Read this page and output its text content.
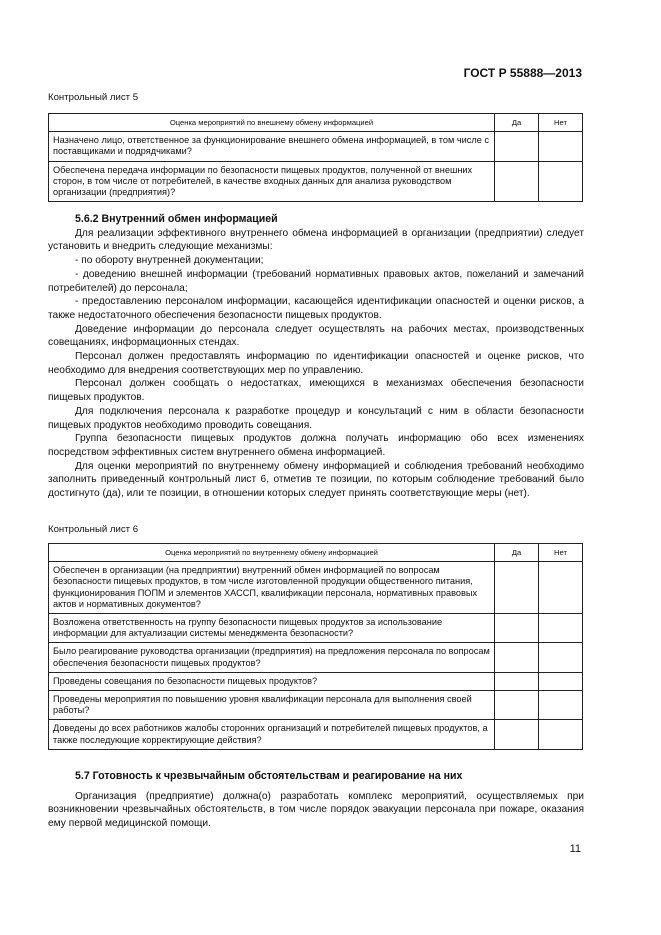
ГОСТ Р 55888—2013
Контрольный лист 5
Оценка мероприятий по внешнему обмену информацией	Да	Нет
Назначено лицо, ответственное за функционирование внешнего обмена информацией, в том числе с поставщиками и подрядчиками?		
Обеспечена передача информации по безопасности пищевых продуктов, полученной от внешних сторон, в том числе от потребителей, в качестве входных данных для анализа руководством организации (предприятия)?		

5.6.2 Внутренний обмен информацией

Для реализации эффективного внутреннего обмена информацией в организации (предприятии) следует установить и внедрить следующие механизмы:

- по обороту внутренней документации;

- доведению внешней информации (требований нормативных правовых актов, пожеланий и замечаний потребителей) до персонала;

- предоставлению персоналом информации, касающейся идентификации опасностей и оценки рисков, а также недостаточного обеспечения безопасности пищевых продуктов.

Доведение информации до персонала следует осуществлять на рабочих местах, производственных совещаниях, информационных стендах.

Персонал должен предоставлять информацию по идентификации опасностей и оценке рисков, что необходимо для внедрения соответствующих мер по управлению.

Персонал должен сообщать о недостатках, имеющихся в механизмах обеспечения безопасности пищевых продуктов.

Для подключения персонала к разработке процедур и консультаций с ним в области безопасности пищевых продуктов необходимо проводить совещания.

Группа безопасности пищевых продуктов должна получать информацию обо всех изменениях посредством эффективных систем внутреннего обмена информацией.

Для оценки мероприятий по внутреннему обмену информацией и соблюдения требований необходимо заполнить приведенный контрольный лист 6, отметив те позиции, по которым соблюдение требований было достигнуто (да), или те позиции, в отношении которых следует принять соответствующие меры (нет).

Контрольный лист 6
Оценка мероприятий по внутреннему обмену информацией	Да	Нет
Обеспечен в организации (на предприятии) внутренний обмен информацией по вопросам безопасности пищевых продуктов, в том числе изготовленной продукции общественного питания, функционирования ПОПМ и элементов ХАССП, квалификации персонала, нормативных правовых актов и нормативных документов?		
Возложена ответственность на группу безопасности пищевых продуктов за использование информации для актуализации системы менеджмента безопасности?		
Было реагирование руководства организации (предприятия) на предложения персонала по вопросам обеспечения безопасности пищевых продуктов?		
Проведены совещания по безопасности пищевых продуктов?		
Проведены мероприятия по повышению уровня квалификации персонала для выполнения своей работы?		
Доведены до всех работников жалобы сторонних организаций и потребителей пищевых продуктов, а также последующие корректирующие действия?		

5.7 Готовность к чрезвычайным обстоятельствам и реагирование на них

Организация (предприятие) должна(о) разработать комплекс мероприятий, осуществляемых при возникновении чрезвычайных обстоятельств, в том числе порядок эвакуации персонала при пожаре, оказания ему первой медицинской помощи.

11
